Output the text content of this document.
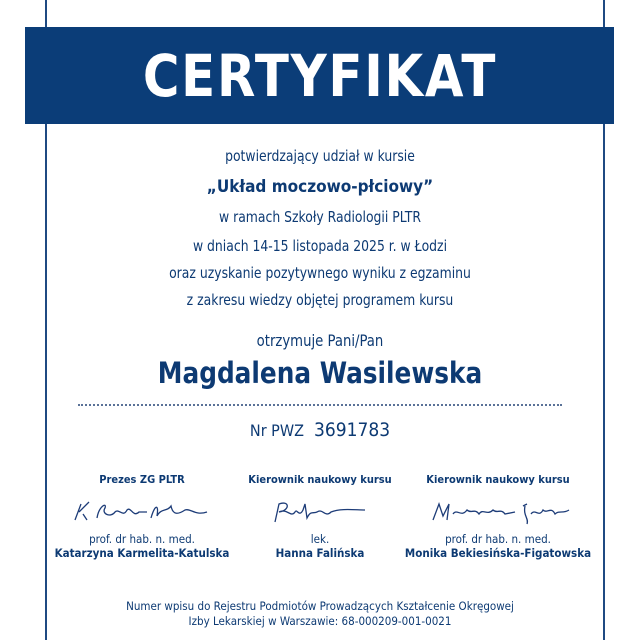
CERTYFIKAT
potwierdzający udział w kursie
„Układ moczowo-płciowy”
w ramach Szkoły Radiologii PLTR
w dniach 14-15 listopada 2025 r. w Łodzi
oraz uzyskanie pozytywnego wyniku z egzaminu
z zakresu wiedzy objętej programem kursu
otrzymuje Pani/Pan
Magdalena Wasilewska
Nr PWZ 3691783
Prezes ZG PLTR
prof. dr hab. n. med.
Katarzyna Karmelita-Katulska
Kierownik naukowy kursu
lek.
Hanna Falińska
Kierownik naukowy kursu
prof. dr hab. n. med.
Monika Bekiesińska-Figatowska
Numer wpisu do Rejestru Podmiotów Prowadzących Kształcenie Okręgowej
Izby Lekarskiej w Warszawie: 68-000209-001-0021
